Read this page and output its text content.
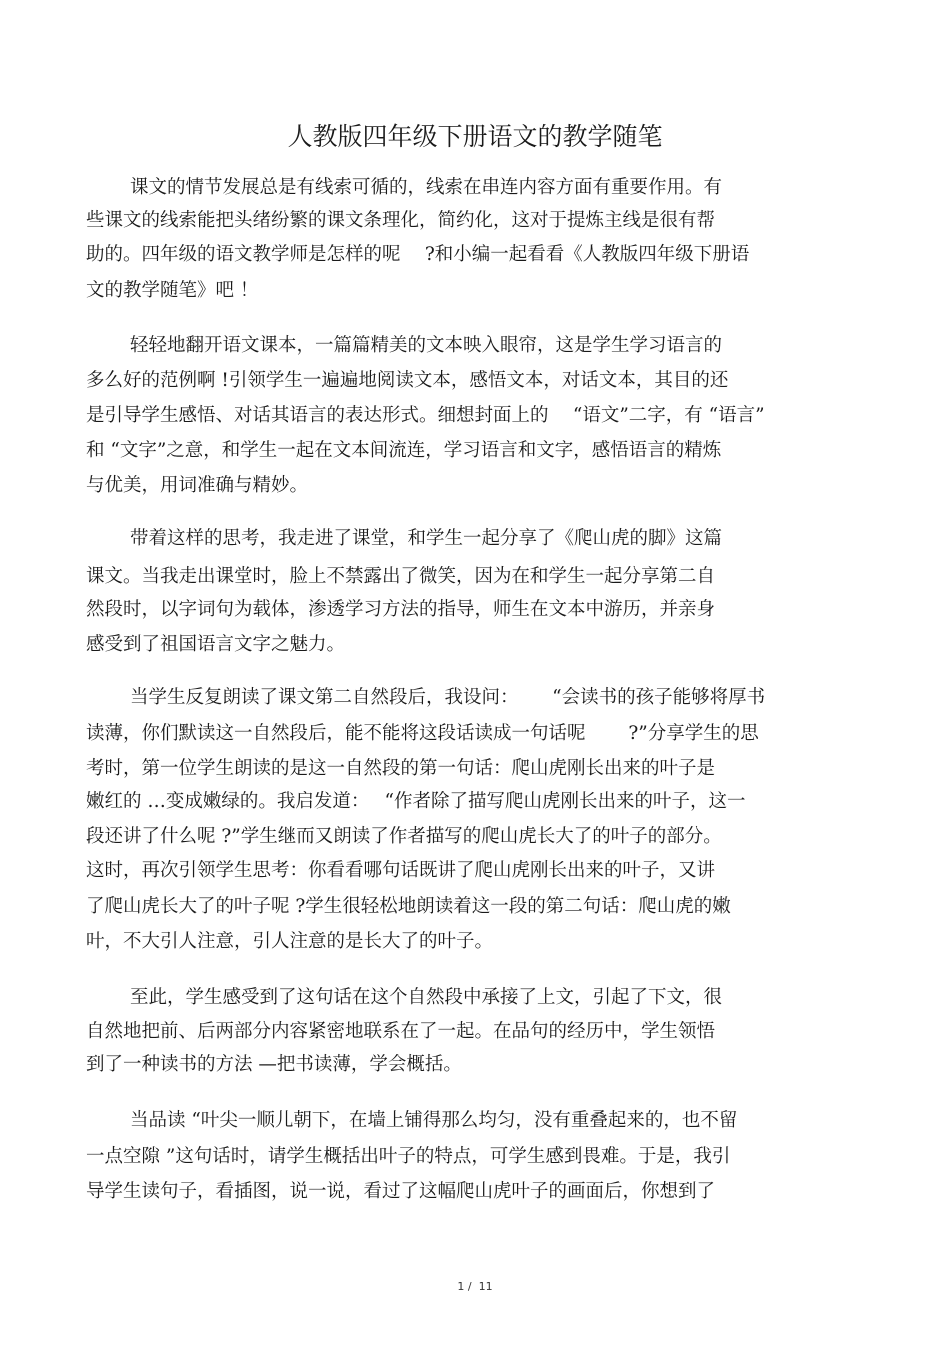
人教版四年级下册语文的教学随笔
课文的情节发展总是有线索可循的，线索在串连内容方面有重要作用。有
些课文的线索能把头绪纷繁的课文条理化，简约化，这对于提炼主线是很有帮
助的。四年级的语文教学师是怎样的呢　 ?和小编一起看看《人教版四年级下册语
文的教学随笔》吧 ！
轻轻地翻开语文课本，一篇篇精美的文本映入眼帘，这是学生学习语言的
多么好的范例啊 !引领学生一遍遍地阅读文本，感悟文本，对话文本，其目的还
是引导学生感悟、对话其语言的表达形式。细想封面上的　 “语文”二字，有 “语言”
和 “文字”之意，和学生一起在文本间流连，学习语言和文字，感悟语言的精炼
与优美，用词准确与精妙。
带着这样的思考，我走进了课堂，和学生一起分享了《爬山虎的脚》这篇
课文。当我走出课堂时，脸上不禁露出了微笑，因为在和学生一起分享第二自
然段时，以字词句为载体，渗透学习方法的指导，师生在文本中游历，并亲身
感受到了祖国语言文字之魅力。
当学生反复朗读了课文第二自然段后，我设问：　　 “会读书的孩子能够将厚书
读薄，你们默读这一自然段后，能不能将这段话读成一句话呢　　 ?”分享学生的思
考时，第一位学生朗读的是这一自然段的第一句话：爬山虎刚长出来的叶子是
嫩红的 …变成嫩绿的。我启发道：　 “作者除了描写爬山虎刚长出来的叶子，这一
段还讲了什么呢 ?”学生继而又朗读了作者描写的爬山虎长大了的叶子的部分。
这时，再次引领学生思考：你看看哪句话既讲了爬山虎刚长出来的叶子，又讲
了爬山虎长大了的叶子呢 ?学生很轻松地朗读着这一段的第二句话：爬山虎的嫩
叶，不大引人注意，引人注意的是长大了的叶子。
至此，学生感受到了这句话在这个自然段中承接了上文，引起了下文，很
自然地把前、后两部分内容紧密地联系在了一起。在品句的经历中，学生领悟
到了一种读书的方法 —把书读薄，学会概括。
当品读 “叶尖一顺儿朝下，在墙上铺得那么均匀，没有重叠起来的，也不留
一点空隙 ”这句话时，请学生概括出叶子的特点，可学生感到畏难。于是，我引
导学生读句子，看插图，说一说，看过了这幅爬山虎叶子的画面后，你想到了
1 /  11
